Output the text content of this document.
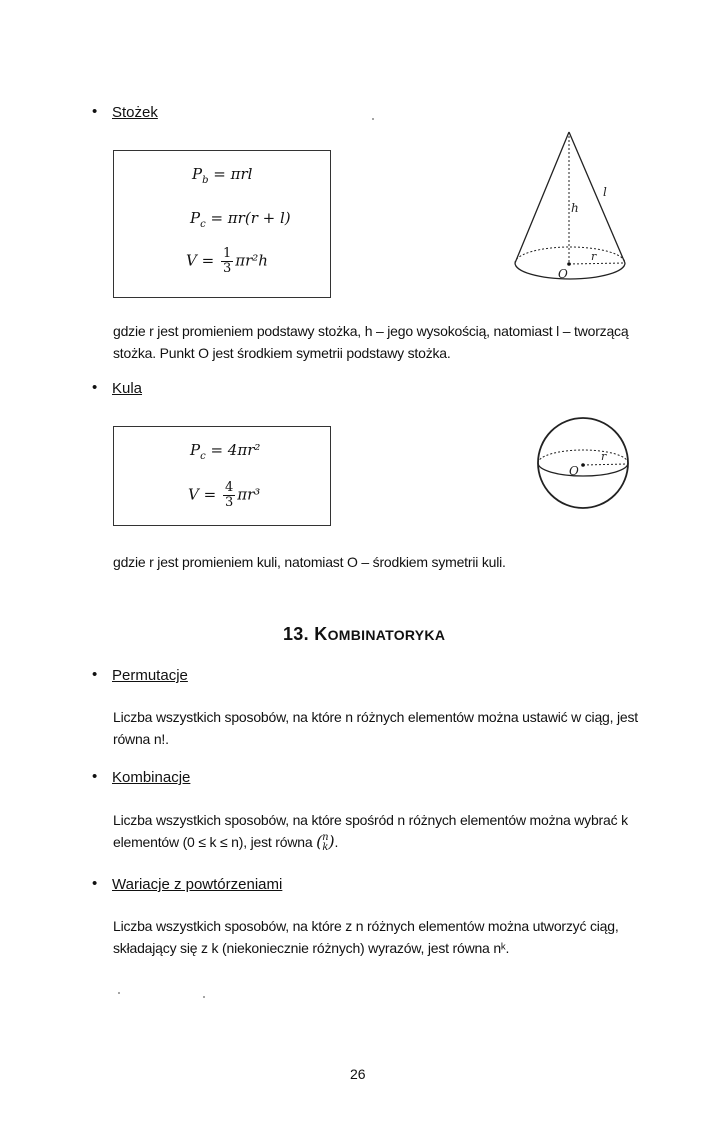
• Stożek
$P_b = \pi rl$
$P_c = \pi r(r + l)$
$V = \frac{1}{3} \pi r^2h$
h
l
r
O
gdzie r jest promieniem podstawy stożka, h – jego wysokością, natomiast l – tworzącą
stożka. Punkt O jest środkiem symetrii podstawy stożka.
• Kula
$P_c = 4\pi r^2$
$V = \frac{4}{3} \pi r^3$
r
O
gdzie r jest promieniem kuli, natomiast O – środkiem symetrii kuli.
13. KOMBINATORYKA
• Permutacje
Liczba wszystkich sposobów, na które n różnych elementów można ustawić w ciąg, jest
równa n!.
• Kombinacje
Liczba wszystkich sposobów, na które spośród n różnych elementów można wybrać k
elementów (0 ≤ k ≤ n), jest równa ( n
k ).
• Wariacje z powtórzeniami
Liczba wszystkich sposobów, na które z n różnych elementów można utworzyć ciąg,
składający się z k (niekoniecznie różnych) wyrazów, jest równa nᵏ.
26
